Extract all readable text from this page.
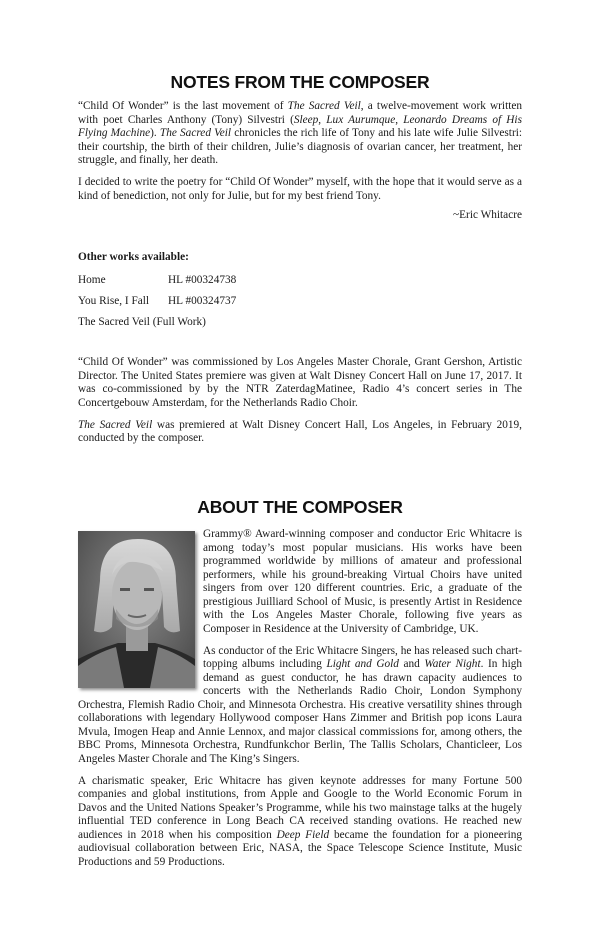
NOTES FROM THE COMPOSER

“Child Of Wonder” is the last movement of The Sacred Veil, a twelve-movement work written with poet Charles Anthony (Tony) Silvestri (Sleep, Lux Aurumque, Leonardo Dreams of His Flying Machine). The Sacred Veil chronicles the rich life of Tony and his late wife Julie Silvestri: their courtship, the birth of their children, Julie’s diagnosis of ovarian cancer, her treatment, her struggle, and finally, her death.

I decided to write the poetry for “Child Of Wonder” myself, with the hope that it would serve as a kind of benediction, not only for Julie, but for my best friend Tony.

~Eric Whitacre

Other works available:
Home	HL #00324738
You Rise, I Fall	HL #00324737
The Sacred Veil (Full Work)

“Child Of Wonder” was commissioned by Los Angeles Master Chorale, Grant Gershon, Artistic Director. The United States premiere was given at Walt Disney Concert Hall on June 17, 2017. It was co-commissioned by by the NTR ZaterdagMatinee, Radio 4’s concert series in The Concertgebouw Amsterdam, for the Netherlands Radio Choir.

The Sacred Veil was premiered at Walt Disney Concert Hall, Los Angeles, in February 2019, conducted by the composer.

ABOUT THE COMPOSER

Grammy® Award-winning composer and conductor Eric Whitacre is among today’s most popular musicians. His works have been programmed worldwide by millions of amateur and professional performers, while his ground-breaking Virtual Choirs have united singers from over 120 different countries. Eric, a graduate of the prestigious Juilliard School of Music, is presently Artist in Residence with the Los Angeles Master Chorale, following five years as Composer in Residence at the University of Cambridge, UK.

As conductor of the Eric Whitacre Singers, he has released such chart-topping albums including Light and Gold and Water Night. In high demand as guest conductor, he has drawn capacity audiences to concerts with the Netherlands Radio Choir, London Symphony Orchestra, Flemish Radio Choir, and Minnesota Orchestra. His creative versatility shines through collaborations with legendary Hollywood composer Hans Zimmer and British pop icons Laura Mvula, Imogen Heap and Annie Lennox, and major classical commissions for, among others, the BBC Proms, Minnesota Orchestra, Rundfunkchor Berlin, The Tallis Scholars, Chanticleer, Los Angeles Master Chorale and The King’s Singers.

A charismatic speaker, Eric Whitacre has given keynote addresses for many Fortune 500 companies and global institutions, from Apple and Google to the World Economic Forum in Davos and the United Nations Speaker’s Programme, while his two mainstage talks at the hugely influential TED conference in Long Beach CA received standing ovations. He reached new audiences in 2018 when his composition Deep Field became the foundation for a pioneering audiovisual collaboration between Eric, NASA, the Space Telescope Science Institute, Music Productions and 59 Productions.
